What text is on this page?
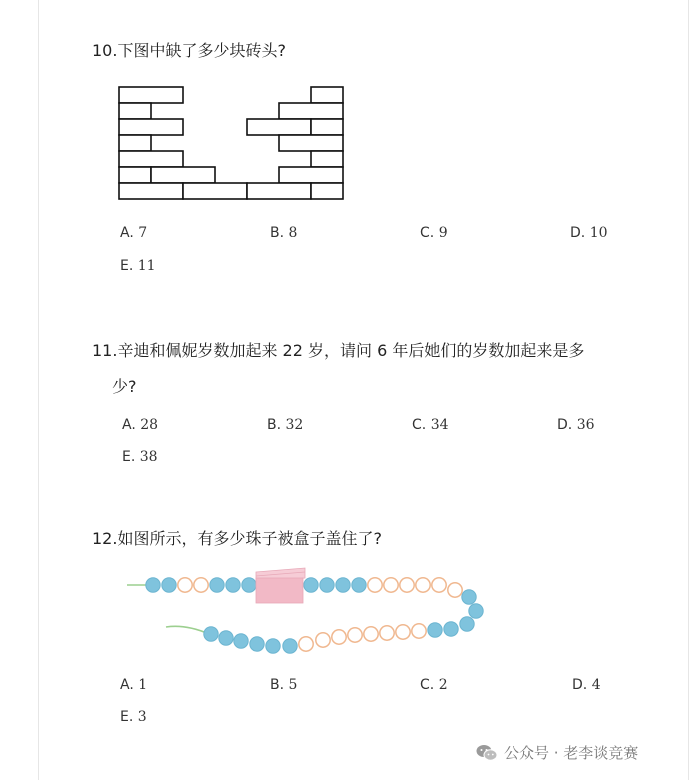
10.下图中缺了多少块砖头?
A. 7	B. 8	C. 9	D. 10
E. 11
11.辛迪和佩妮岁数加起来 22 岁，请问 6 年后她们的岁数加起来是多
少?
A. 28	B. 32	C. 34	D. 36
E. 38
12.如图所示，有多少珠子被盒子盖住了?
A. 1	B. 5	C. 2	D. 4
E. 3
公众号 · 老李谈竞赛
